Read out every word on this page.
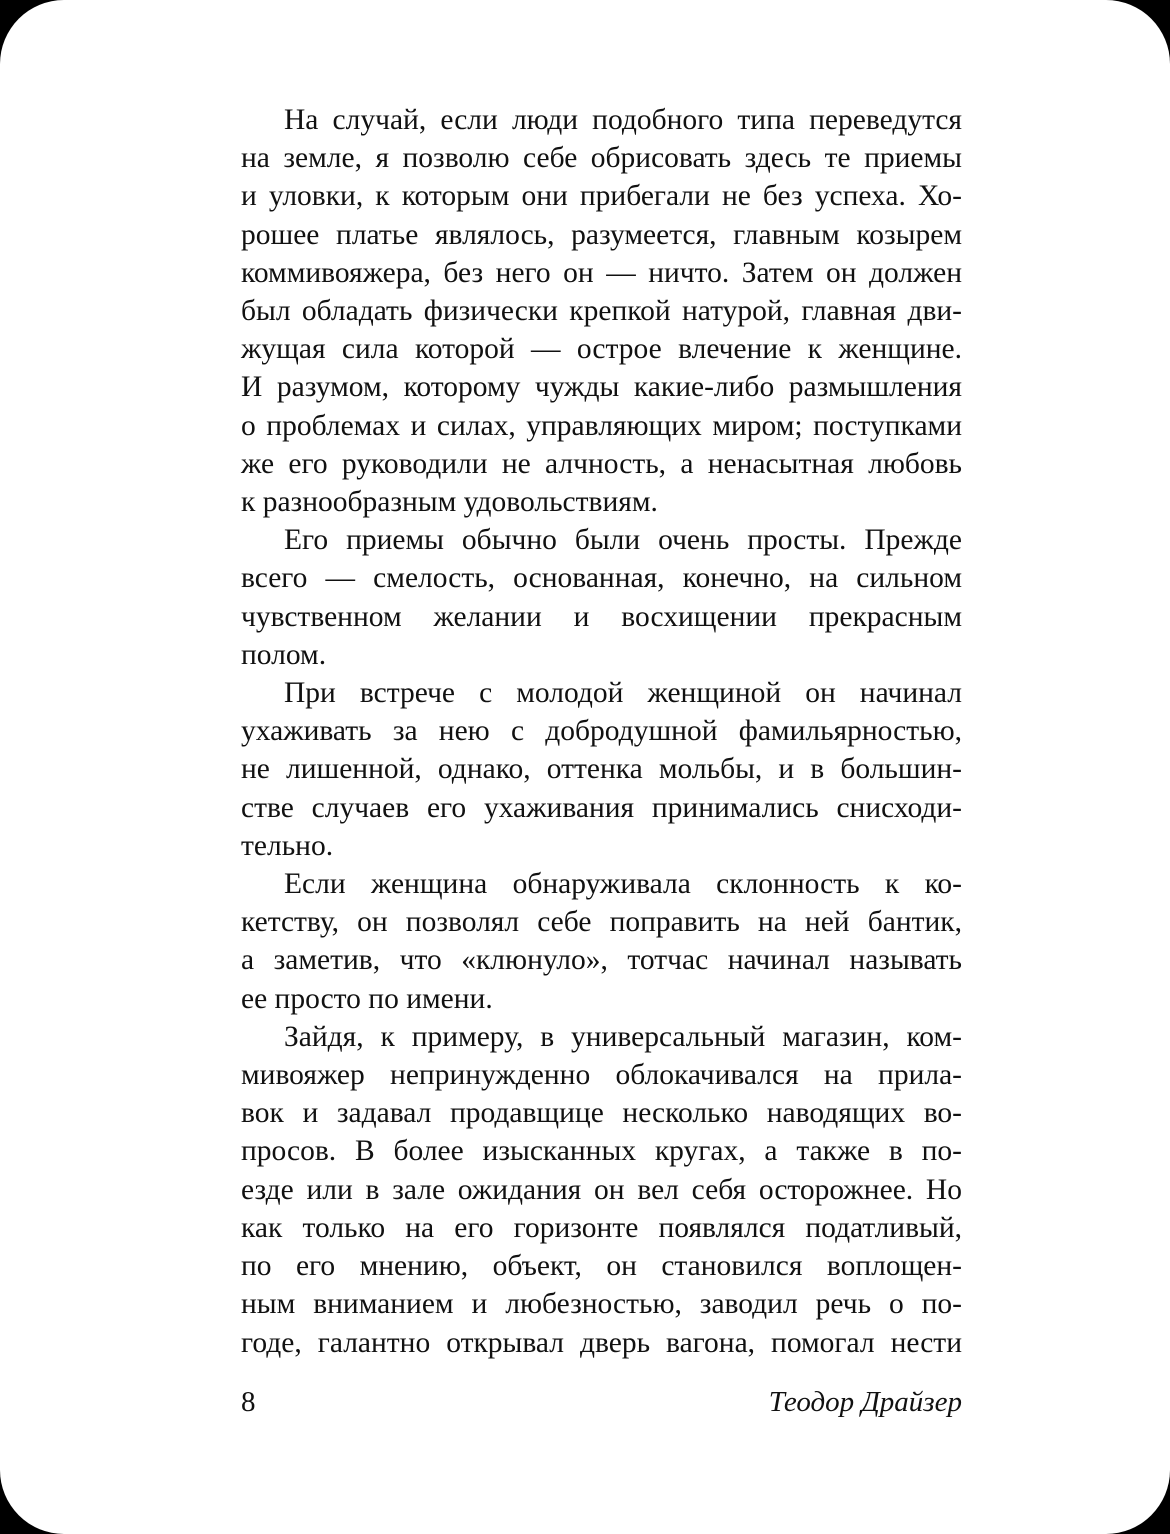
На случай, если люди подобного типа переведутся
на земле, я позволю себе обрисовать здесь те приемы
и уловки, к которым они прибегали не без успеха. Хо-
рошее платье являлось, разумеется, главным козырем
коммивояжера, без него он — ничто. Затем он должен
был обладать физически крепкой натурой, главная дви-
жущая сила которой — острое влечение к женщине.
И разумом, которому чужды какие-либо размышления
о проблемах и силах, управляющих миром; поступками
же его руководили не алчность, а ненасытная любовь
к разнообразным удовольствиям.

Его приемы обычно были очень просты. Прежде
всего — смелость, основанная, конечно, на сильном
чувственном желании и восхищении прекрасным
полом.

При встрече с молодой женщиной он начинал
ухаживать за нею с добродушной фамильярностью,
не лишенной, однако, оттенка мольбы, и в большин-
стве случаев его ухаживания принимались снисходи-
тельно.

Если женщина обнаруживала склонность к ко-
кетству, он позволял себе поправить на ней бантик,
а заметив, что «клюнуло», тотчас начинал называть
ее просто по имени.

Зайдя, к примеру, в универсальный магазин, ком-
мивояжер непринужденно облокачивался на прила-
вок и задавал продавщице несколько наводящих во-
просов. В более изысканных кругах, а также в по-
езде или в зале ожидания он вел себя осторожнее. Но
как только на его горизонте появлялся податливый,
по его мнению, объект, он становился воплощен-
ным вниманием и любезностью, заводил речь о по-
годе, галантно открывал дверь вагона, помогал нести

8	Теодор Драйзер
